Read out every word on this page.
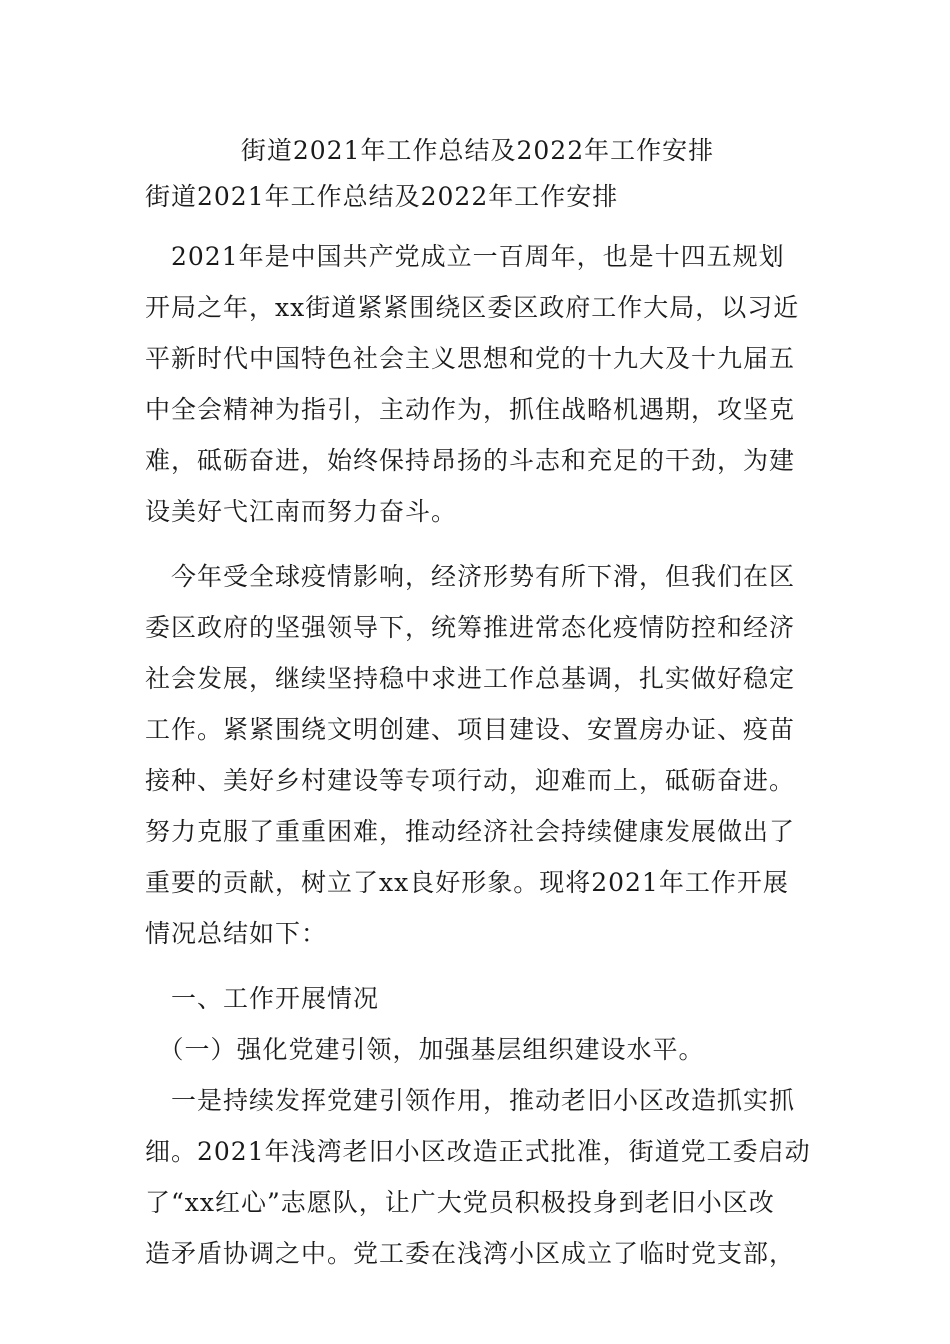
街道2021年工作总结及2022年工作安排
街道2021年工作总结及2022年工作安排
　2021年是中国共产党成立一百周年，也是十四五规划
开局之年，xx街道紧紧围绕区委区政府工作大局，以习近
平新时代中国特色社会主义思想和党的十九大及十九届五
中全会精神为指引，主动作为，抓住战略机遇期，攻坚克
难，砥砺奋进，始终保持昂扬的斗志和充足的干劲，为建
设美好弋江南而努力奋斗。
　今年受全球疫情影响，经济形势有所下滑，但我们在区
委区政府的坚强领导下，统筹推进常态化疫情防控和经济
社会发展，继续坚持稳中求进工作总基调，扎实做好稳定
工作。紧紧围绕文明创建、项目建设、安置房办证、疫苗
接种、美好乡村建设等专项行动，迎难而上，砥砺奋进。
努力克服了重重困难，推动经济社会持续健康发展做出了
重要的贡献，树立了xx良好形象。现将2021年工作开展
情况总结如下：
　一、工作开展情况
　（一）强化党建引领，加强基层组织建设水平。
　一是持续发挥党建引领作用，推动老旧小区改造抓实抓
细。2021年浅湾老旧小区改造正式批准，街道党工委启动
了“xx红心”志愿队，让广大党员积极投身到老旧小区改
造矛盾协调之中。党工委在浅湾小区成立了临时党支部，
